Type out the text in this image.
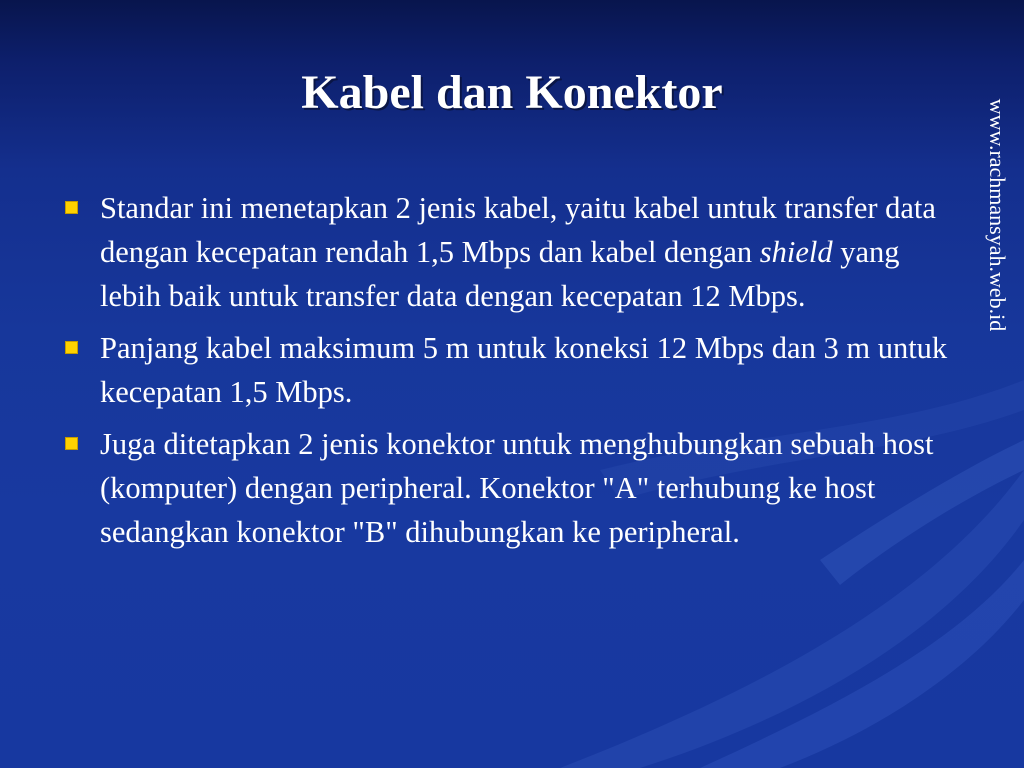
Kabel dan Konektor
www.rachmansyah.web.id
Standar ini menetapkan 2 jenis kabel, yaitu kabel untuk transfer data dengan kecepatan rendah 1,5 Mbps dan kabel dengan shield yang lebih baik untuk transfer data dengan kecepatan 12 Mbps.
Panjang kabel maksimum 5 m untuk koneksi 12 Mbps dan 3 m untuk kecepatan 1,5 Mbps.
Juga ditetapkan 2 jenis konektor untuk menghubungkan sebuah host (komputer) dengan peripheral. Konektor "A" terhubung ke host sedangkan konektor "B" dihubungkan ke peripheral.
